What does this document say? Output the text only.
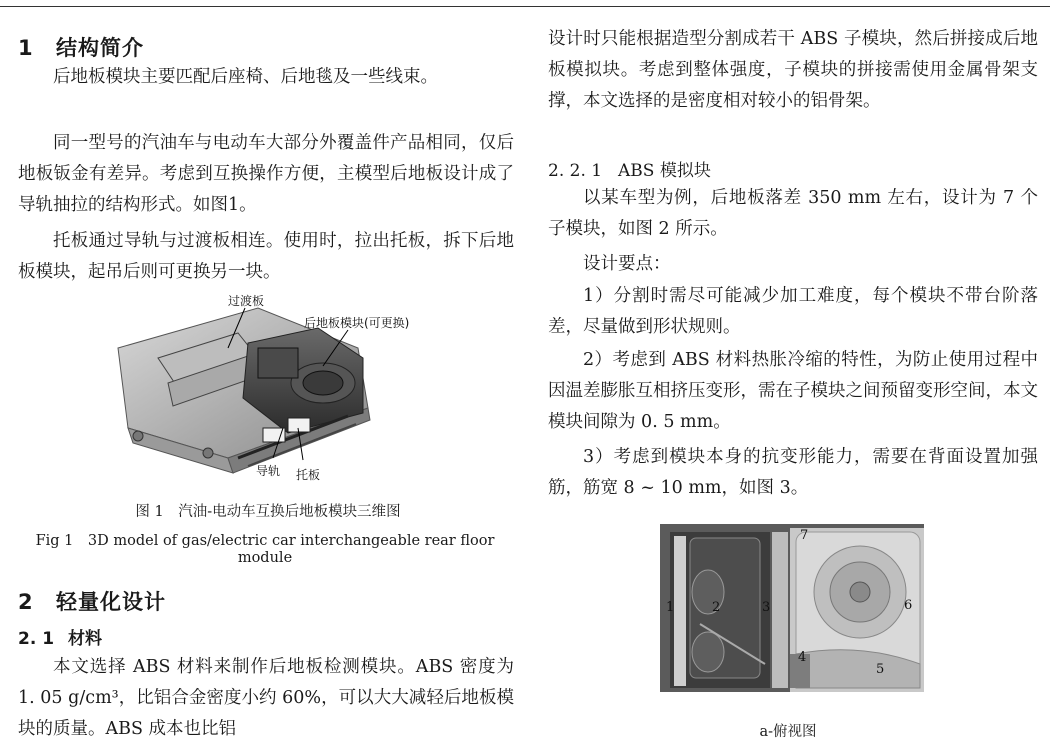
1 结构简介
后地板模块主要匹配后座椅、后地毯及一些线束。
同一型号的汽油车与电动车大部分外覆盖件产品相同，仅后地板钣金有差异。考虑到互换操作方便，主模型后地板设计成了导轨抽拉的结构形式。如图1。
托板通过导轨与过渡板相连。使用时，拉出托板，拆下后地板模块，起吊后则可更换另一块。
过渡板
后地板模块(可更换)
导轨 托板
图 1　汽油-电动车互换后地板模块三维图
Fig 1　3D model of gas/electric car interchangeable rear floor module
2 轻量化设计
2. 1 材料
本文选择 ABS 材料来制作后地板检测模块。ABS 密度为 1. 05 g/cm³，比铝合金密度小约 60%，可以大大减轻后地板模块的质量。ABS 成本也比铝
设计时只能根据造型分割成若干 ABS 子模块，然后拼接成后地板模拟块。考虑到整体强度，子模块的拼接需使用金属骨架支撑，本文选择的是密度相对较小的铝骨架。
2. 2. 1 ABS 模拟块
以某车型为例，后地板落差 350 mm 左右，设计为 7 个子模块，如图 2 所示。
设计要点：
1）分割时需尽可能减少加工难度，每个模块不带台阶落差，尽量做到形状规则。
2）考虑到 ABS 材料热胀冷缩的特性，为防止使用过程中因温差膨胀互相挤压变形，需在子模块之间预留变形空间，本文模块间隙为 0. 5 mm。
3）考虑到模块本身的抗变形能力，需要在背面设置加强筋，筋宽 8 ~ 10 mm，如图 3。
1	2	3
4
5
6
7
a-俯视图
